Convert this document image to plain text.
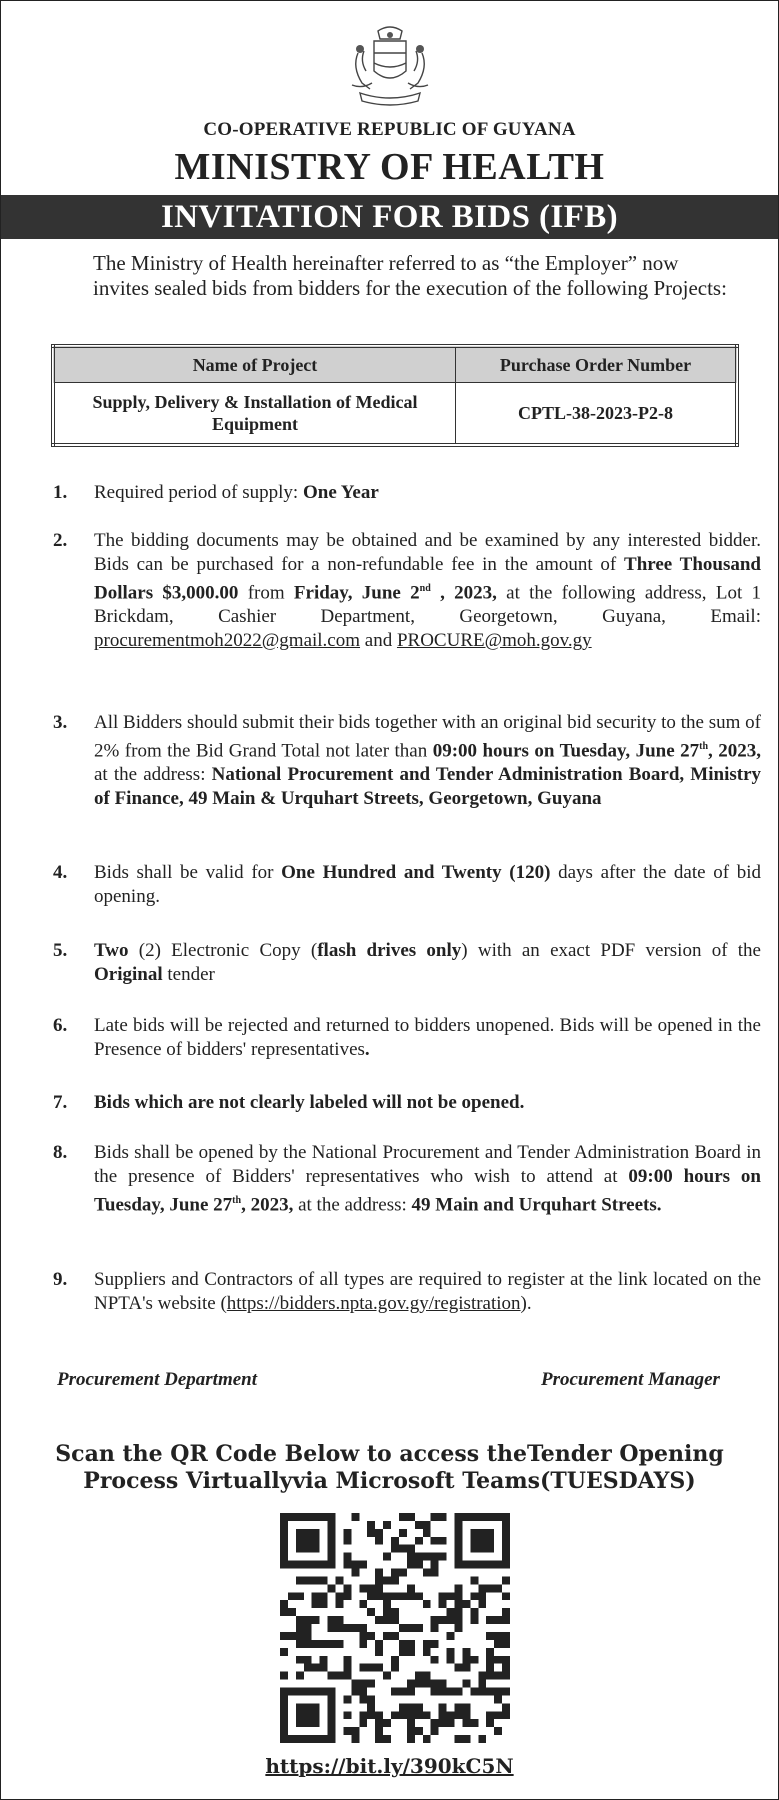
CO-OPERATIVE REPUBLIC OF GUYANA
MINISTRY OF HEALTH
INVITATION FOR BIDS (IFB)
The Ministry of Health hereinafter referred to as “the Employer” now invites sealed bids from bidders for the execution of the following Projects:
Name of Project	Purchase Order Number
Supply, Delivery & Installation of Medical Equipment	CPTL-38-2023-P2-8
1.	Required period of supply: One Year
2.	The bidding documents may be obtained and be examined by any interested bidder. Bids can be purchased for a non-refundable fee in the amount of Three Thousand Dollars $3,000.00 from Friday, June 2nd , 2023, at the following address, Lot 1 Brickdam, Cashier Department, Georgetown, Guyana, Email: procurementmoh2022@gmail.com and PROCURE@moh.gov.gy
3.	All Bidders should submit their bids together with an original bid security to the sum of 2% from the Bid Grand Total not later than 09:00 hours on Tuesday, June 27th, 2023, at the address: National Procurement and Tender Administration Board, Ministry of Finance, 49 Main & Urquhart Streets, Georgetown, Guyana
4.	Bids shall be valid for One Hundred and Twenty (120) days after the date of bid opening.
5.	Two (2) Electronic Copy (flash drives only) with an exact PDF version of the Original tender
6.	Late bids will be rejected and returned to bidders unopened. Bids will be opened in the Presence of bidders' representatives.
7.	Bids which are not clearly labeled will not be opened.
8.	Bids shall be opened by the National Procurement and Tender Administration Board in the presence of Bidders' representatives who wish to attend at 09:00 hours on Tuesday, June 27th, 2023, at the address: 49 Main and Urquhart Streets.
9.	Suppliers and Contractors of all types are required to register at the link located on the NPTA's website (https://bidders.npta.gov.gy/registration).
Procurement Department	Procurement Manager
Scan the QR Code Below to access theTender Opening
Process Virtuallyvia Microsoft Teams(TUESDAYS)
https://bit.ly/390kC5N
